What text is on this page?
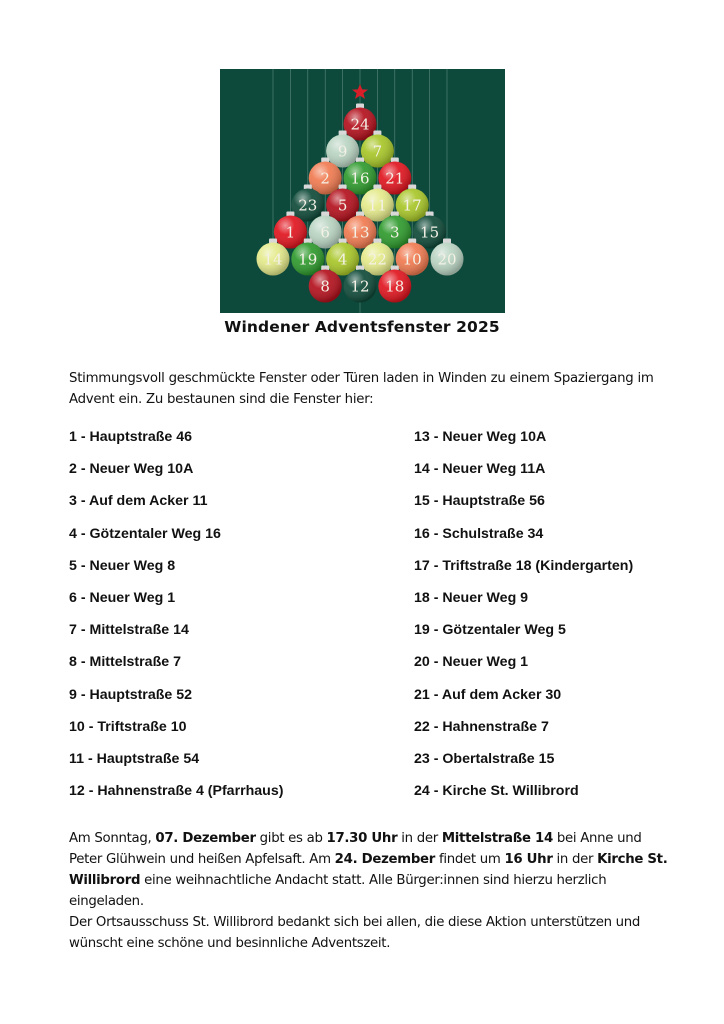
24
9 7
2 16 21
23 5 11 17
1 6 13 3 15
14 19 4 22 10 20
8 12 18
Windener Adventsfenster 2025
Stimmungsvoll geschmückte Fenster oder Türen laden in Winden zu einem Spaziergang im Advent ein. Zu bestaunen sind die Fenster hier:
1 - Hauptstraße 46
2 - Neuer Weg 10A
3 - Auf dem Acker 11
4 - Götzentaler Weg 16
5 - Neuer Weg 8
6 - Neuer Weg 1
7 - Mittelstraße 14
8 - Mittelstraße 7
9 - Hauptstraße 52
10 - Triftstraße 10
11 - Hauptstraße 54
12 - Hahnenstraße 4 (Pfarrhaus)
13 - Neuer Weg 10A
14 - Neuer Weg 11A
15 - Hauptstraße 56
16 - Schulstraße 34
17 - Triftstraße 18 (Kindergarten)
18 - Neuer Weg 9
19 - Götzentaler Weg 5
20 - Neuer Weg 1
21 - Auf dem Acker 30
22 - Hahnenstraße 7
23 - Obertalstraße 15
24 - Kirche St. Willibrord
Am Sonntag, 07. Dezember gibt es ab 17.30 Uhr in der Mittelstraße 14 bei Anne und Peter Glühwein und heißen Apfelsaft. Am 24. Dezember findet um 16 Uhr in der Kirche St. Willibrord eine weihnachtliche Andacht statt. Alle Bürger:innen sind hierzu herzlich eingeladen.
Der Ortsausschuss St. Willibrord bedankt sich bei allen, die diese Aktion unterstützen und wünscht eine schöne und besinnliche Adventszeit.
